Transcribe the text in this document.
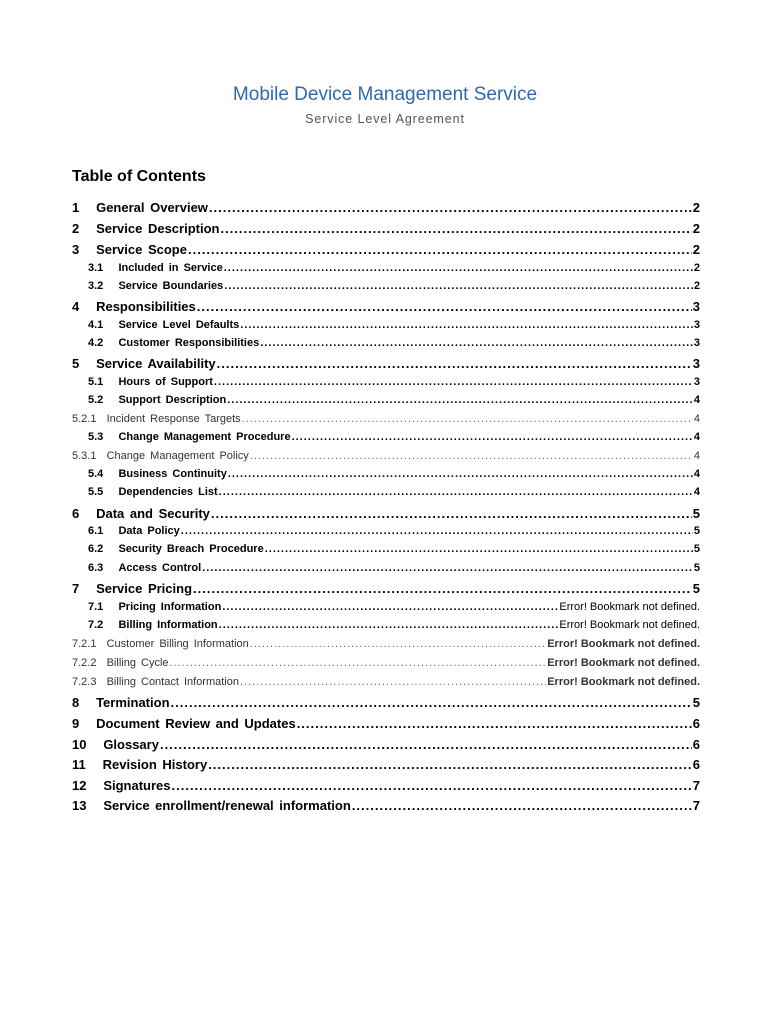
Mobile Device Management Service
Service Level Agreement
Table of Contents
1 General Overview .....	2
2 Service Description .....	2
3 Service Scope .....	2
3.1 Included in Service .....	2
3.2 Service Boundaries .....	2
4 Responsibilities .....	3
4.1 Service Level Defaults .....	3
4.2 Customer Responsibilities .....	3
5 Service Availability .....	3
5.1 Hours of Support .....	3
5.2 Support Description .....	4
5.2.1 Incident Response Targets .....	4
5.3 Change Management Procedure .....	4
5.3.1 Change Management Policy .....	4
5.4 Business Continuity .....	4
5.5 Dependencies List .....	4
6 Data and Security .....	5
6.1 Data Policy .....	5
6.2 Security Breach Procedure .....	5
6.3 Access Control .....	5
7 Service Pricing .....	5
7.1 Pricing Information .....	Error! Bookmark not defined.
7.2 Billing Information .....	Error! Bookmark not defined.
7.2.1 Customer Billing Information .....	Error! Bookmark not defined.
7.2.2 Billing Cycle .....	Error! Bookmark not defined.
7.2.3 Billing Contact Information .....	Error! Bookmark not defined.
8 Termination .....	5
9 Document Review and Updates .....	6
10 Glossary .....	6
11 Revision History .....	6
12 Signatures .....	7
13 Service enrollment/renewal information .....	7
